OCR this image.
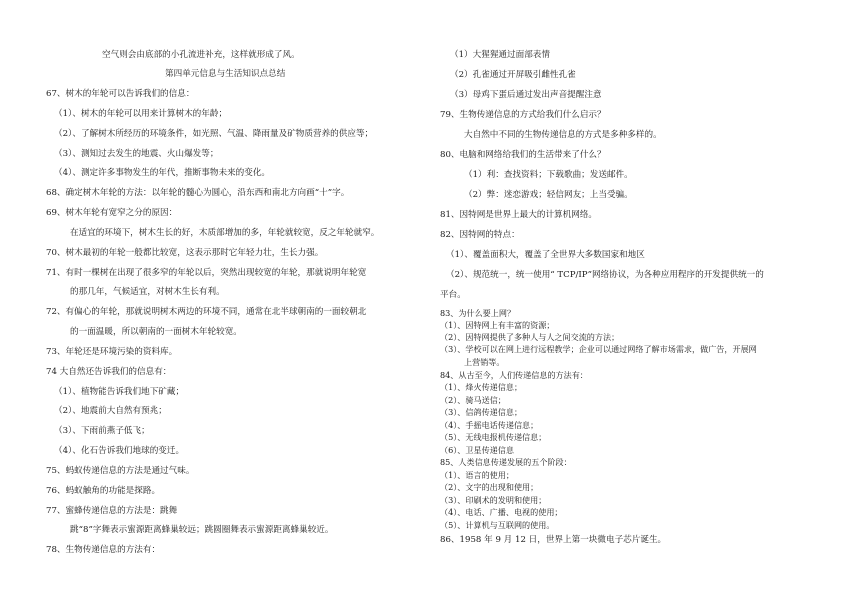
空气则会由底部的小孔流进补充，这样就形成了风。
第四单元信息与生活知识点总结
67、树木的年轮可以告诉我们的信息：
（1）、树木的年轮可以用来计算树木的年龄；
（2）、了解树木所经历的环境条件，如光照、气温、降雨量及矿物质营养的供应等；
（3）、测知过去发生的地震、火山爆发等；
（4）、测定许多事物发生的年代，推断事物未来的变化。
68、确定树木年轮的方法：以年轮的髓心为圆心，沿东西和南北方向画“十”字。
69、树木年轮有宽窄之分的原因：
在适宜的环境下，树木生长的好，木质部增加的多，年轮就较宽，反之年轮就窄。
70、树木最初的年轮一般都比较宽，这表示那时它年轻力壮，生长力强。
71、有时一棵树在出现了很多窄的年轮以后，突然出现较宽的年轮，那就说明年轮宽
的那几年，气候适宜，对树木生长有利。
72、有偏心的年轮，那就说明树木两边的环境不同，通常在北半球朝南的一面较朝北
的一面温暖，所以朝南的一面树木年轮较宽。
73、年轮还是环境污染的资料库。
74 大自然还告诉我们的信息有：
（1）、植物能告诉我们地下矿藏；
（2）、地震前大自然有预兆；
（3）、下雨前燕子低飞；
（4）、化石告诉我们地球的变迁。
75、蚂蚁传递信息的方法是通过气味。
76、蚂蚁触角的功能是探路。
77、蜜蜂传递信息的方法是：跳舞
跳“8”字舞表示蜜源距离蜂巢较远；跳圆圈舞表示蜜源距离蜂巢较近。
78、生物传递信息的方法有：
（1）大猩猩通过面部表情
（2）孔雀通过开屏吸引雌性孔雀
（3）母鸡下蛋后通过发出声音提醒注意
79、生物传递信息的方式给我们什么启示？
大自然中不同的生物传递信息的方式是多种多样的。
80、电脑和网络给我们的生活带来了什么？
（1）利：查找资料；下载歌曲；发送邮件。
（2）弊：迷恋游戏；轻信网友；上当受骗。
81、因特网是世界上最大的计算机网络。
82、因特网的特点：
（1）、覆盖面积大，覆盖了全世界大多数国家和地区
（2）、规范统一，统一使用“ TCP/IP”网络协议，为各种应用程序的开发提供统一的
平台。
83、为什么要上网？
（1）、因特网上有丰富的资源；
（2）、因特网提供了多种人与人之间交流的方法；
（3）、学校可以在网上进行远程教学；企业可以通过网络了解市场需求，做广告，开展网
上营销等。
84、从古至今，人们传递信息的方法有：
（1）、烽火传递信息；
（2）、骑马送信；
（3）、信鸽传递信息；
（4）、手摇电话传递信息；
（5）、无线电报机传递信息；
（6）、卫星传递信息
85、人类信息传递发展的五个阶段：
（1）、语言的使用；
（2）、文字的出现和使用；
（3）、印刷术的发明和使用；
（4）、电话、广播、电视的使用；
（5）、计算机与互联网的使用。
86、1958 年 9 月 12 日，世界上第一块微电子芯片诞生。
